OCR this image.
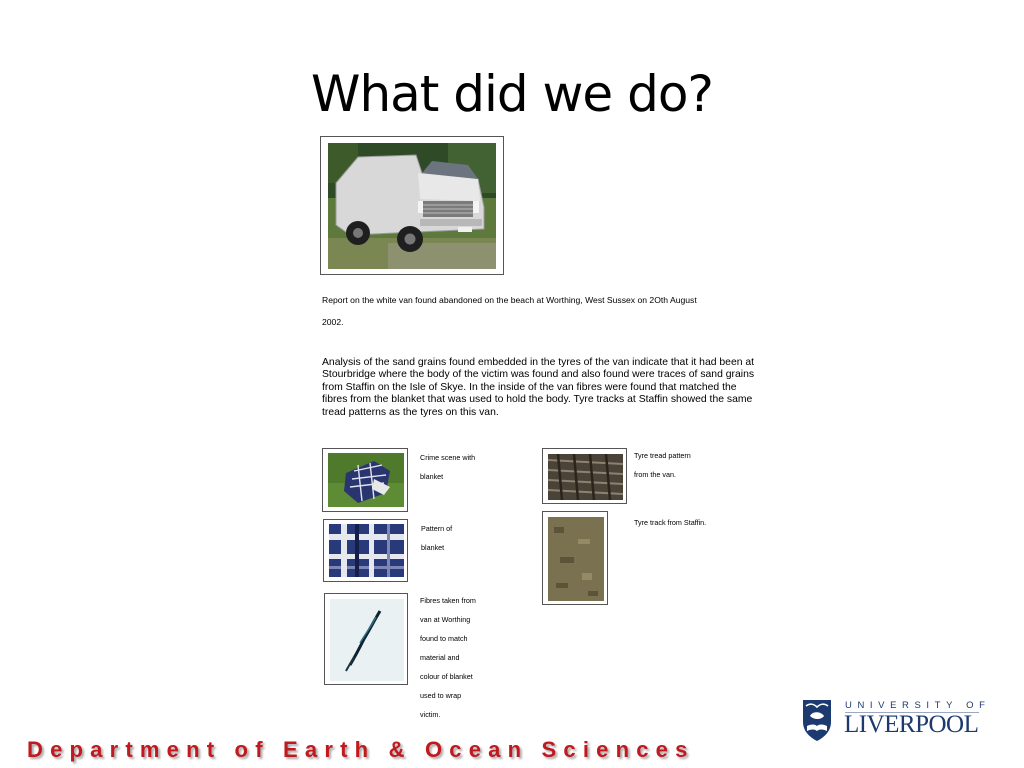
What did we do?
Report on the white van found abandoned on the beach at Worthing, West Sussex on 2Oth August
2002.
Analysis of the sand grains found embedded in the tyres of the van indicate that it had been at Stourbridge where the body of the victim was found and also found were traces of sand grains from Staffin on the Isle of Skye. In the inside of the van fibres were found that matched the fibres from the blanket that was used to hold the body. Tyre tracks at Staffin showed the same tread patterns as the tyres on this van.
Crime scene with
blanket
Pattern of
blanket
Fibres taken from
van at Worthing
found to match
material and
colour of blanket
used to wrap
victim.
Tyre tread pattern
from the van.
Tyre track from Staffin.
Department of Earth & Ocean Sciences
UNIVERSITY OF
LIVERPOOL
